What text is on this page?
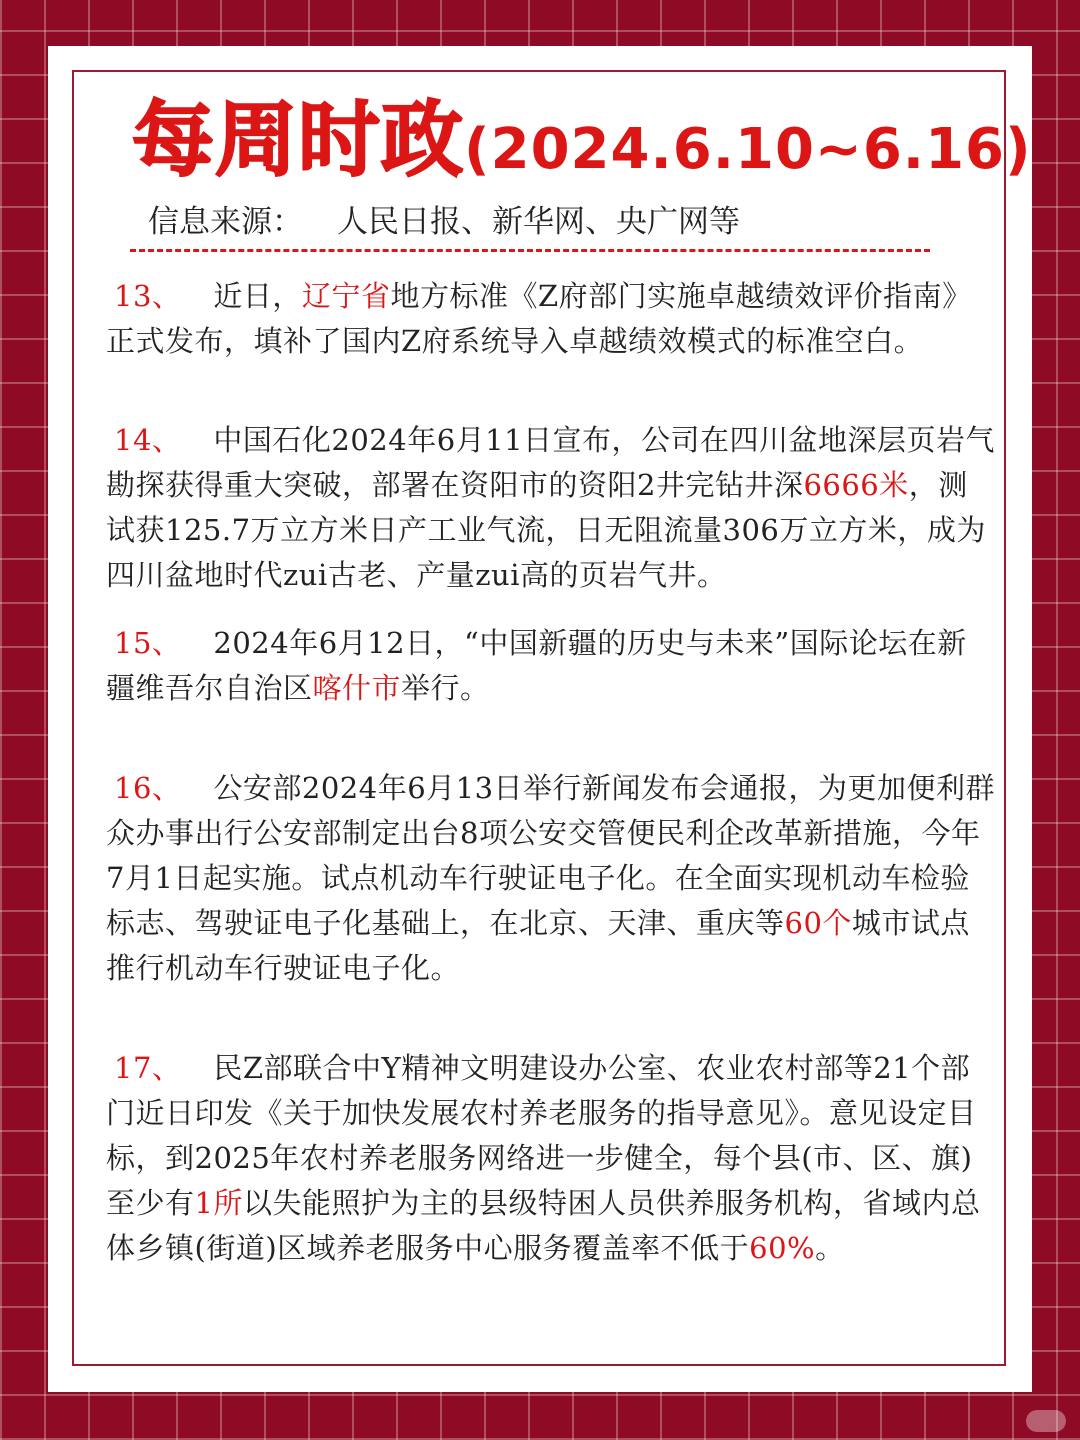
每周时政(2024.6.10~6.16)
信息来源： 人民日报、新华网、央广网等

13、 近日，辽宁省地方标准《Z府部门实施卓越绩效评价指南》正式发布，填补了国内Z府系统导入卓越绩效模式的标准空白。

14、 中国石化2024年6月11日宣布，公司在四川盆地深层页岩气勘探获得重大突破，部署在资阳市的资阳2井完钻井深6666米，测试获125.7万立方米日产工业气流，日无阻流量306万立方米，成为四川盆地时代zui古老、产量zui高的页岩气井。

15、 2024年6月12日，“中国新疆的历史与未来”国际论坛在新疆维吾尔自治区喀什市举行。

16、 公安部2024年6月13日举行新闻发布会通报，为更加便利群众办事出行公安部制定出台8项公安交管便民利企改革新措施，今年7月1日起实施。试点机动车行驶证电子化。在全面实现机动车检验标志、驾驶证电子化基础上，在北京、天津、重庆等60个城市试点推行机动车行驶证电子化。

17、 民Z部联合中Y精神文明建设办公室、农业农村部等21个部门近日印发《关于加快发展农村养老服务的指导意见》。意见设定目标，到2025年农村养老服务网络进一步健全，每个县(市、区、旗)至少有1所以失能照护为主的县级特困人员供养服务机构，省域内总体乡镇(街道)区域养老服务中心服务覆盖率不低于60%。
